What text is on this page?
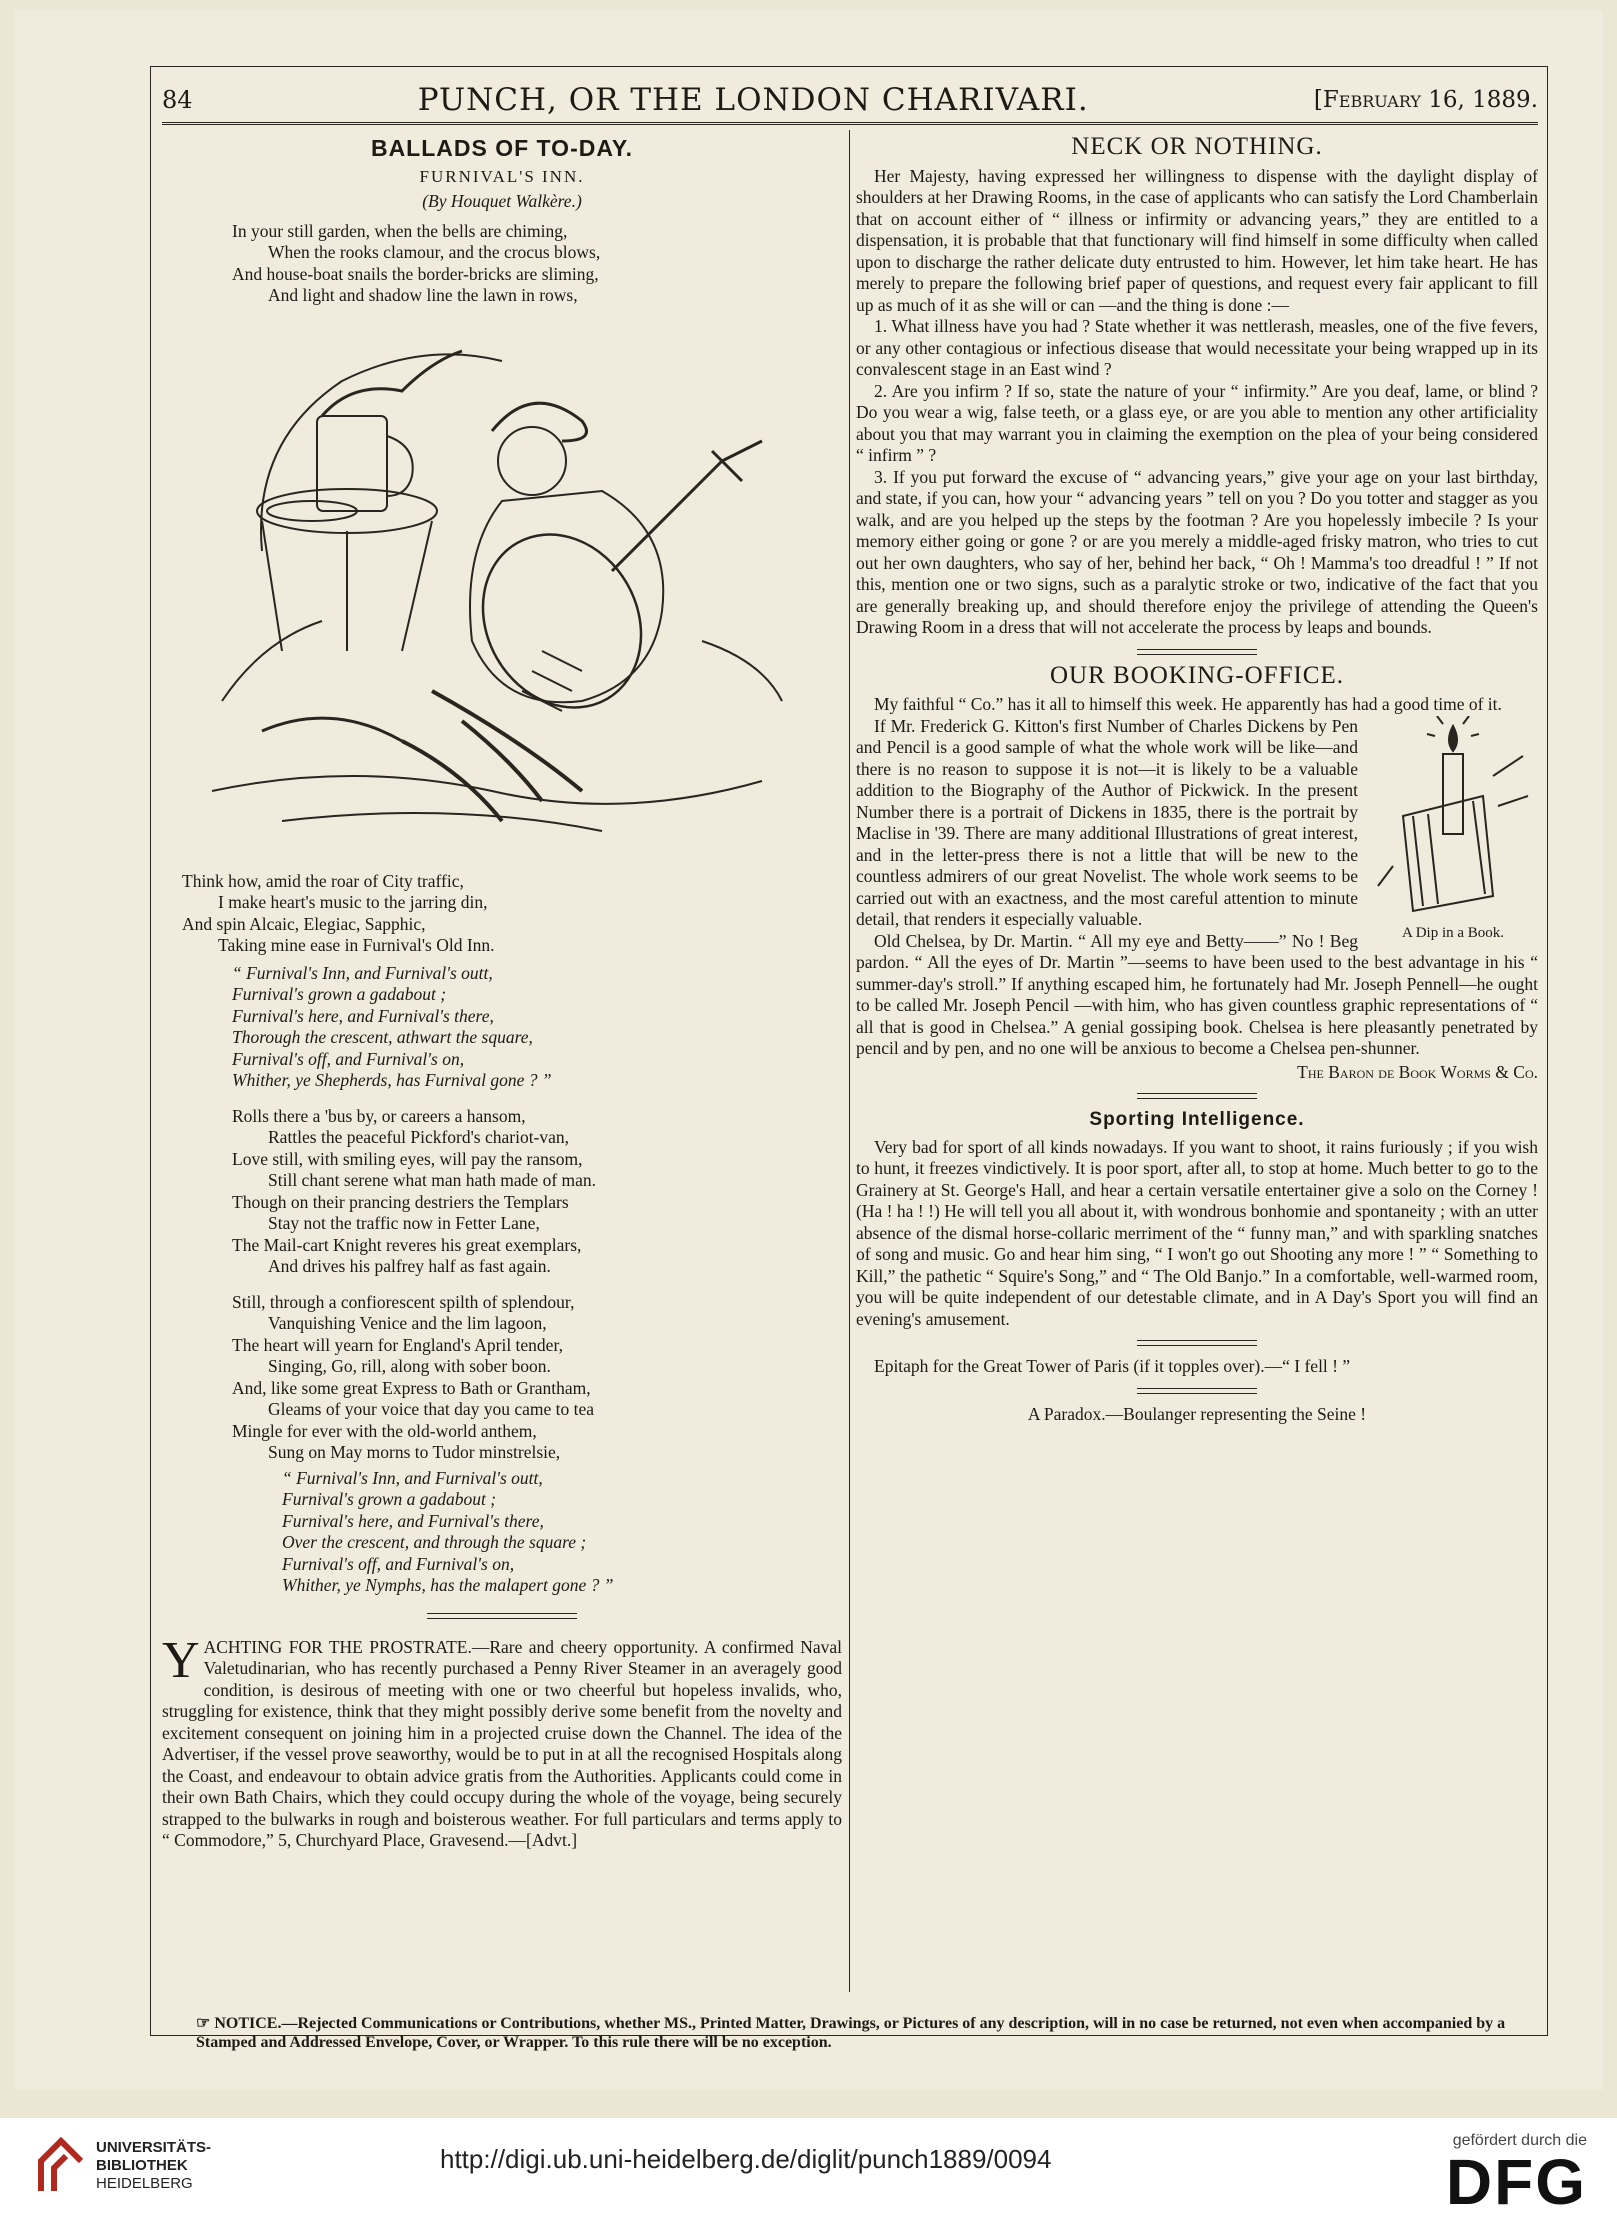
84	PUNCH, OR THE LONDON CHARIVARI.	[February 16, 1889.
BALLADS OF TO-DAY.
FURNIVAL'S INN.
(By Houquet Walkère.)

In your still garden, when the bells are chiming,

When the rooks clamour, and the crocus blows,

And house-boat snails the border-bricks are sliming,

And light and shadow line the lawn in rows,

Think how, amid the roar of City traffic,

I make heart's music to the jarring din,

And spin Alcaic, Elegiac, Sapphic,

Taking mine ease in Furnival's Old Inn.

“ Furnival's Inn, and Furnival's outt,

Furnival's grown a gadabout ;

Furnival's here, and Furnival's there,

Thorough the crescent, athwart the square,

Furnival's off, and Furnival's on,

Whither, ye Shepherds, has Furnival gone ? ”

Rolls there a 'bus by, or careers a hansom,

Rattles the peaceful Pickford's chariot-van,

Love still, with smiling eyes, will pay the ransom,

Still chant serene what man hath made of man.

Though on their prancing destriers the Templars

Stay not the traffic now in Fetter Lane,

The Mail-cart Knight reveres his great exemplars,

And drives his palfrey half as fast again.

Still, through a confiorescent spilth of splendour,

Vanquishing Venice and the lim lagoon,

The heart will yearn for England's April tender,

Singing, Go, rill, along with sober boon.

And, like some great Express to Bath or Grantham,

Gleams of your voice that day you came to tea

Mingle for ever with the old-world anthem,

Sung on May morns to Tudor minstrelsie,

“ Furnival's Inn, and Furnival's outt,

Furnival's grown a gadabout ;

Furnival's here, and Furnival's there,

Over the crescent, and through the square ;

Furnival's off, and Furnival's on,

Whither, ye Nymphs, has the malapert gone ? ”

YACHTING FOR THE PROSTRATE.—Rare and cheery opportunity. A confirmed Naval Valetudinarian, who has recently purchased a Penny River Steamer in an averagely good condition, is desirous of meeting with one or two cheerful but hopeless invalids, who, struggling for existence, think that they might possibly derive some benefit from the novelty and excitement consequent on joining him in a projected cruise down the Channel. The idea of the Advertiser, if the vessel prove seaworthy, would be to put in at all the recognised Hospitals along the Coast, and endeavour to obtain advice gratis from the Authorities. Applicants could come in their own Bath Chairs, which they could occupy during the whole of the voyage, being securely strapped to the bulwarks in rough and boisterous weather. For full particulars and terms apply to “ Commodore,” 5, Churchyard Place, Gravesend.—[Advt.]
NECK OR NOTHING.

Her Majesty, having expressed her willingness to dispense with the daylight display of shoulders at her Drawing Rooms, in the case of applicants who can satisfy the Lord Chamberlain that on account either of “ illness or infirmity or advancing years,” they are entitled to a dispensation, it is probable that that functionary will find himself in some difficulty when called upon to discharge the rather delicate duty entrusted to him. However, let him take heart. He has merely to prepare the following brief paper of questions, and request every fair applicant to fill up as much of it as she will or can —and the thing is done :—

1. What illness have you had ? State whether it was nettlerash, measles, one of the five fevers, or any other contagious or infectious disease that would necessitate your being wrapped up in its convalescent stage in an East wind ?

2. Are you infirm ? If so, state the nature of your “ infirmity.” Are you deaf, lame, or blind ? Do you wear a wig, false teeth, or a glass eye, or are you able to mention any other artificiality about you that may warrant you in claiming the exemption on the plea of your being considered “ infirm ” ?

3. If you put forward the excuse of “ advancing years,” give your age on your last birthday, and state, if you can, how your “ advancing years ” tell on you ? Do you totter and stagger as you walk, and are you helped up the steps by the footman ? Are you hopelessly imbecile ? Is your memory either going or gone ? or are you merely a middle-aged frisky matron, who tries to cut out her own daughters, who say of her, behind her back, “ Oh ! Mamma's too dreadful ! ” If not this, mention one or two signs, such as a paralytic stroke or two, indicative of the fact that you are generally breaking up, and should therefore enjoy the privilege of attending the Queen's Drawing Room in a dress that will not accelerate the process by leaps and bounds.

OUR BOOKING-OFFICE.

My faithful “ Co.” has it all to himself this week. He apparently has had a good time of it.

A Dip in a Book.

If Mr. Frederick G. Kitton's first Number of Charles Dickens by Pen and Pencil is a good sample of what the whole work will be like—and there is no reason to suppose it is not—it is likely to be a valuable addition to the Biography of the Author of Pickwick. In the present Number there is a portrait of Dickens in 1835, there is the portrait by Maclise in '39. There are many additional Illustrations of great interest, and in the letter-press there is not a little that will be new to the countless admirers of our great Novelist. The whole work seems to be carried out with an exactness, and the most careful attention to minute detail, that renders it especially valuable.

Old Chelsea, by Dr. Martin. “ All my eye and Betty——” No ! Beg pardon. “ All the eyes of Dr. Martin ”—seems to have been used to the best advantage in his “ summer-day's stroll.” If anything escaped him, he fortunately had Mr. Joseph Pennell—he ought to be called Mr. Joseph Pencil —with him, who has given countless graphic representations of “ all that is good in Chelsea.” A genial gossiping book. Chelsea is here pleasantly penetrated by pencil and by pen, and no one will be anxious to become a Chelsea pen-shunner.

The Baron de Book Worms & Co.
Sporting Intelligence.

Very bad for sport of all kinds nowadays. If you want to shoot, it rains furiously ; if you wish to hunt, it freezes vindictively. It is poor sport, after all, to stop at home. Much better to go to the Grainery at St. George's Hall, and hear a certain versatile entertainer give a solo on the Corney ! (Ha ! ha ! !) He will tell you all about it, with wondrous bonhomie and spontaneity ; with an utter absence of the dismal horse-collaric merriment of the “ funny man,” and with sparkling snatches of song and music. Go and hear him sing, “ I won't go out Shooting any more ! ” “ Something to Kill,” the pathetic “ Squire's Song,” and “ The Old Banjo.” In a comfortable, well-warmed room, you will be quite independent of our detestable climate, and in A Day's Sport you will find an evening's amusement.

Epitaph for the Great Tower of Paris (if it topples over).—“ I fell ! ”

A Paradox.—Boulanger representing the Seine !

☞ NOTICE.—Rejected Communications or Contributions, whether MS., Printed Matter, Drawings, or Pictures of any description, will in no case be returned, not even when accompanied by a Stamped and Addressed Envelope, Cover, or Wrapper. To this rule there will be no exception.
UNIVERSITÄTS-
BIBLIOTHEK
HEIDELBERG
http://digi.ub.uni-heidelberg.de/diglit/punch1889/0094
gefördert durch die
DFG
